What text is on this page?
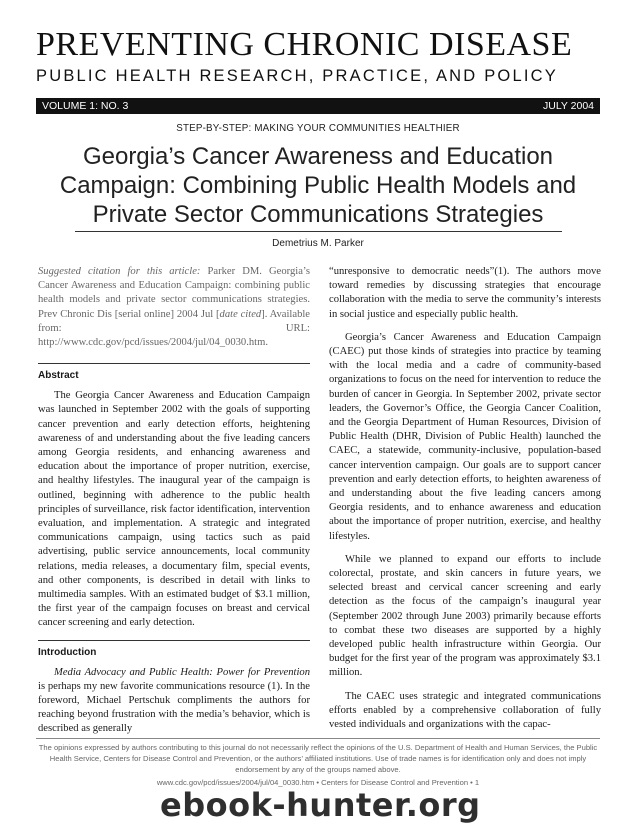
PREVENTING CHRONIC DISEASE
PUBLIC HEALTH RESEARCH, PRACTICE, AND POLICY
VOLUME 1: NO. 3	JULY 2004
STEP-BY-STEP: MAKING YOUR COMMUNITIES HEALTHIER
Georgia’s Cancer Awareness and Education
Campaign: Combining Public Health Models and
Private Sector Communications Strategies
Demetrius M. Parker

Suggested citation for this article: Parker DM. Georgia’s Cancer Awareness and Education Campaign: combining public health models and private sector communications strategies. Prev Chronic Dis [serial online] 2004 Jul [date cited]. Available from: URL: http://www.cdc.gov/pcd/issues/2004/jul/04_0030.htm.

Abstract

The Georgia Cancer Awareness and Education Campaign was launched in September 2002 with the goals of supporting cancer prevention and early detection efforts, heightening awareness of and understanding about the five leading cancers among Georgia residents, and enhancing awareness and education about the importance of proper nutrition, exercise, and healthy lifestyles. The inaugural year of the campaign is outlined, beginning with adherence to the public health principles of surveillance, risk factor identification, intervention evaluation, and implementation. A strategic and integrated communications campaign, using tactics such as paid advertising, public service announcements, local community relations, media releases, a documentary film, special events, and other components, is described in detail with links to multimedia samples. With an estimated budget of $3.1 million, the first year of the campaign focuses on breast and cervical cancer screening and early detection.

Introduction

Media Advocacy and Public Health: Power for Prevention is perhaps my new favorite communications resource (1). In the foreword, Michael Pertschuk compliments the authors for reaching beyond frustration with the media’s behavior, which is described as generally

“unresponsive to democratic needs”(1). The authors move toward remedies by discussing strategies that encourage collaboration with the media to serve the community’s interests in social justice and especially public health.

Georgia’s Cancer Awareness and Education Campaign (CAEC) put those kinds of strategies into practice by teaming with the local media and a cadre of community-based organizations to focus on the need for intervention to reduce the burden of cancer in Georgia. In September 2002, private sector leaders, the Governor’s Office, the Georgia Cancer Coalition, and the Georgia Department of Human Resources, Division of Public Health (DHR, Division of Public Health) launched the CAEC, a statewide, community-inclusive, population-based cancer intervention campaign. Our goals are to support cancer prevention and early detection efforts, to heighten awareness of and understanding about the five leading cancers among Georgia residents, and to enhance awareness and education about the importance of proper nutrition, exercise, and healthy lifestyles.

While we planned to expand our efforts to include colorectal, prostate, and skin cancers in future years, we selected breast and cervical cancer screening and early detection as the focus of the campaign’s inaugural year (September 2002 through June 2003) primarily because efforts to combat these two diseases are supported by a highly developed public health infrastructure within Georgia. Our budget for the first year of the program was approximately $3.1 million.

The CAEC uses strategic and integrated communications efforts enabled by a comprehensive collaboration of fully vested individuals and organizations with the capac-

The opinions expressed by authors contributing to this journal do not necessarily reflect the opinions of the U.S. Department of Health and Human Services, the Public Health Service, Centers for Disease Control and Prevention, or the authors’ affiliated institutions. Use of trade names is for identification only and does not imply endorsement by any of the groups named above.
www.cdc.gov/pcd/issues/2004/jul/04_0030.htm • Centers for Disease Control and Prevention • 1
ebook-hunter.org
